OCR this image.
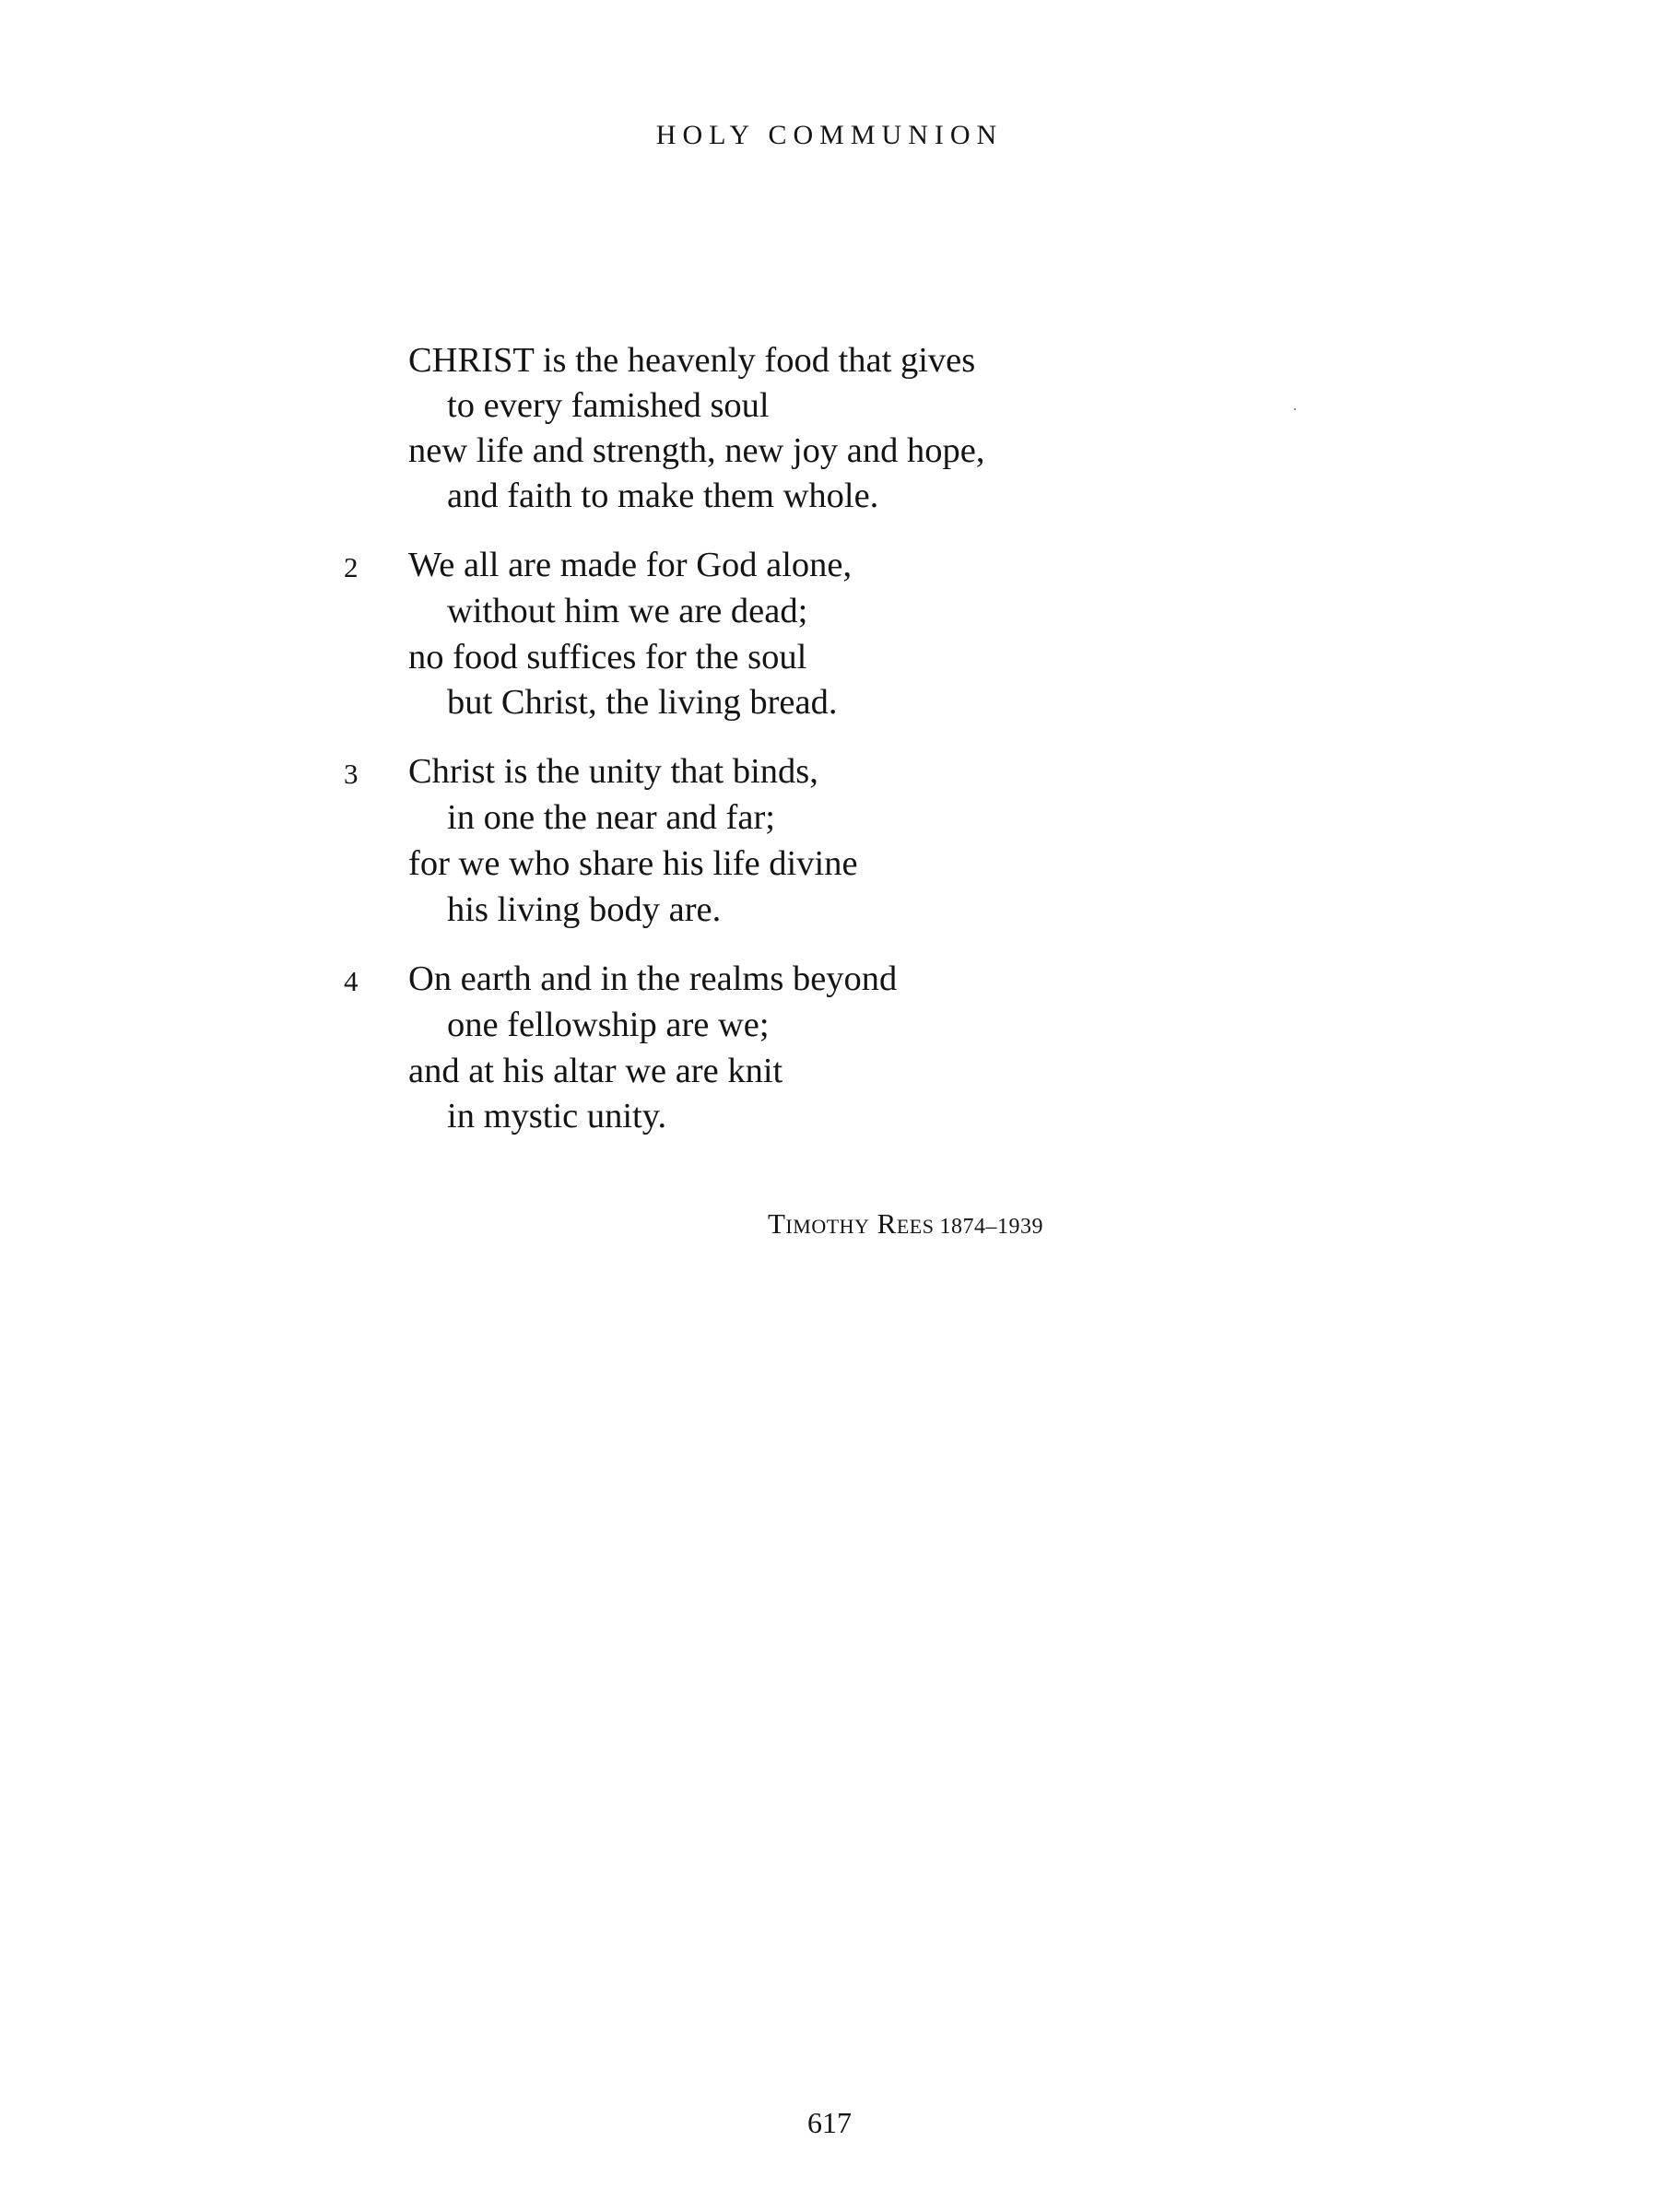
HOLY COMMUNION
CHRIST is the heavenly food that gives
to every famished soul
new life and strength, new joy and hope,
and faith to make them whole.
2 We all are made for God alone,
without him we are dead;
no food suffices for the soul
but Christ, the living bread.
3 Christ is the unity that binds,
in one the near and far;
for we who share his life divine
his living body are.
4 On earth and in the realms beyond
one fellowship are we;
and at his altar we are knit
in mystic unity.
Timothy Rees 1874–1939
617
